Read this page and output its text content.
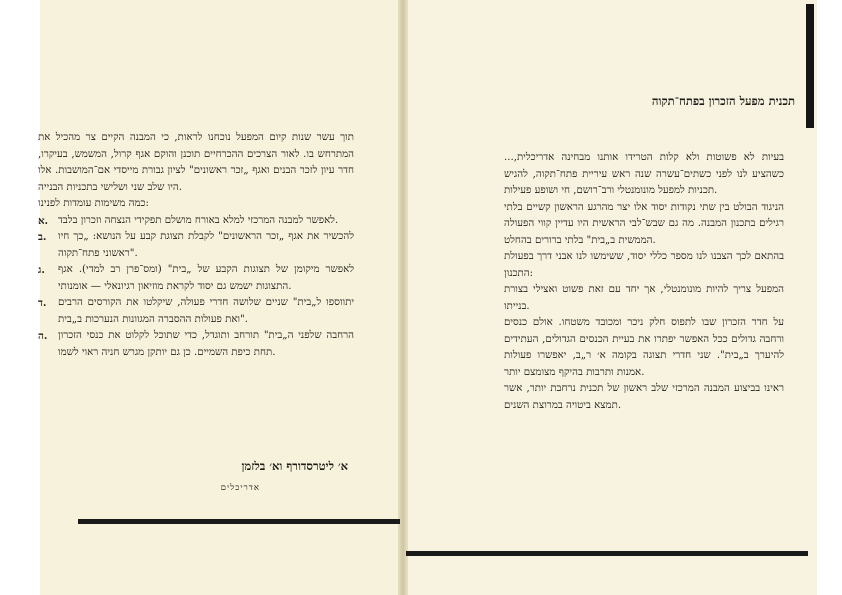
תוך עשר שנות קיום המפעל נוכחנו לראות, כי המבנה הקיים צר מהכיל את המתרחש בו. לאור הצרכים ההכרחיים תוכנן והוקם אגף קרול, המשמש, בעיקרו, חדר עיון לזכר הבנים ואגף „זכר ראשונים" לציון גבורת מייסדי אם־המושבות. אלו היו שלב שני ושלישי בתכניות הבנייה.

כמה משימות עומדות לפנינו:

א. לאפשר למבנה המרכזי למלא באורח מושלם תפקידי הנצחה וזכרון בלבד.
ב.	להכשיר את אגף „זכר הראשונים" לקבלת תצוגת קבע על הנושא: „כך חיו ראשוני פתח־תקוה".
ג.	לאפשר מיקומן של תצוגות הקבע של „בית" (ומס־פרן רב למדי). אגף התצוגות ישמש גם יסוד לקראת מוזיאון רגיונאלי — אומנותי.
ד.	יתווספו ל„בית" שניים שלושה חדרי פעולה, שיקלטו את הקורסים הרבים ואת פעולות ההסברה המגוונות הנערכות ב„בית".
ה.	הרחבה שלפני ה„בית" תורחב ותוגדל, כדי שתוכל לקלוט את כנסי הזכרון תחת כיפת השמיים. כן גם יותקן מגרש חניה ראוי לשמו.
א׳ ליטרסדורף וא׳ בלזמן
אדריכלים
תכנית מפעל הזכרון בפתח־תקוה

...בעיות לא פשוטות ולא קלות הטרידו אותנו מבחינה אדריכלית, כשהציע לנו לפני כשתים־עשרה שנה ראש עיריית פתח־תקוה, להגיש תכניות למפעל מונומנטלי ורב־רושם, חי ושופע פעילות.

הניגוד הבולט בין שתי נקודות יסוד אלו יצר מהרגע הראשון קשיים בלתי רגילים בתכנון המבנה. מה גם שבש־לבי הראשית היו עדיין קווי הפעולה הממשית ב„בית" בלתי ברורים בהחלט.

בהתאם לכך הצבנו לנו מספר כללי יסוד, ששימשו לנו אבני דרך בפעולת התכנון:

המפעל צריך להיות מונומנטלי, אך יחד עם זאת פשוט ואצילי בצורת בנייתו.

על חדר הזכרון שבו לתפוס חלק ניכר ומכובד משטחו. אולם כנסים ורחבה גדולים ככל האפשר יפתרו את בעיית הכנסים הגדולים, העתידים להיערך ב„בית". שני חדרי תצוגה בקומה א׳ ר„ב, יאפשרו פעולות אמנות ותרבות בהיקף מצומצם יותר.

ראינו בביצוע המבנה המרכזי שלב ראשון של תכנית נרחבת יותר, אשר תמצא ביטויה במרוצת השנים.
